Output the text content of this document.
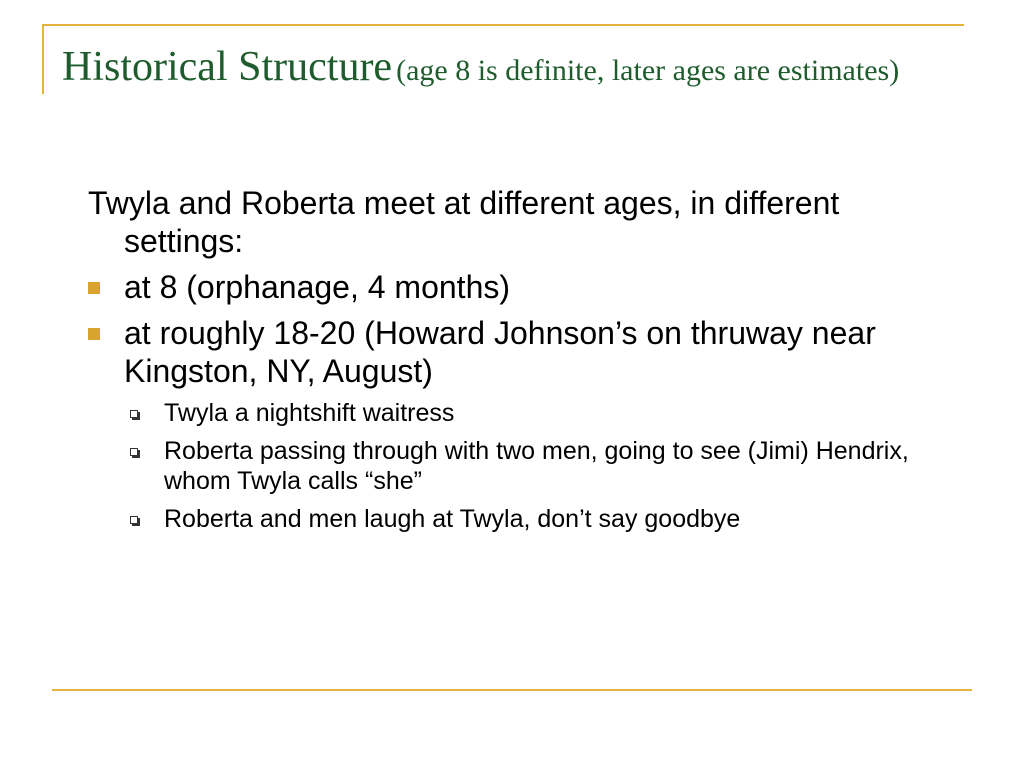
Historical Structure (age 8 is definite, later ages are estimates)
Twyla and Roberta meet at different ages, in different settings:
at 8 (orphanage, 4 months)
at roughly 18-20 (Howard Johnson’s on thruway near Kingston, NY, August)
Twyla a nightshift waitress
Roberta passing through with two men, going to see (Jimi) Hendrix, whom Twyla calls “she”
Roberta and men laugh at Twyla, don’t say goodbye
